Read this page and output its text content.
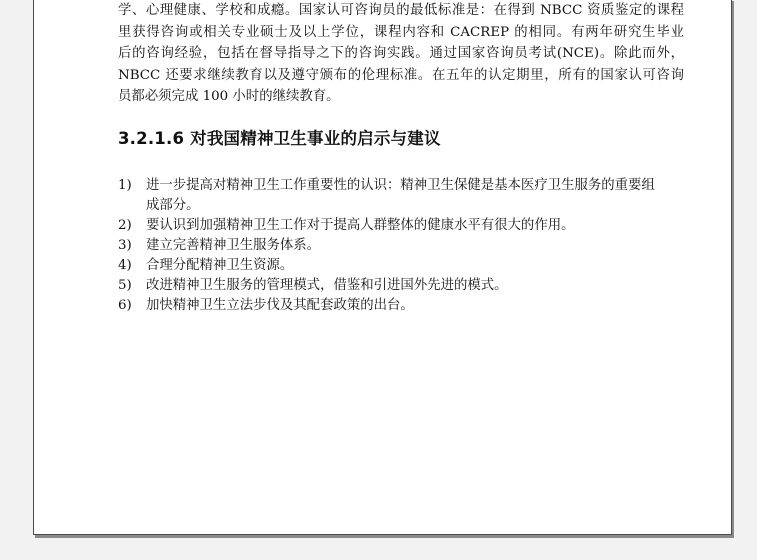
学、心理健康、学校和成瘾。国家认可咨询员的最低标准是：在得到 NBCC 资质鉴定的课程
里获得咨询或相关专业硕士及以上学位，课程内容和 CACREP 的相同。有两年研究生毕业
后的咨询经验，包括在督导指导之下的咨询实践。通过国家咨询员考试(NCE)。除此而外，
NBCC 还要求继续教育以及遵守颁布的伦理标准。在五年的认定期里，所有的国家认可咨询
员都必须完成 100 小时的继续教育。

3.2.1.6 对我国精神卫生事业的启示与建议
1) 进一步提高对精神卫生工作重要性的认识：精神卫生保健是基本医疗卫生服务的重要组
成部分。
2) 要认识到加强精神卫生工作对于提高人群整体的健康水平有很大的作用。
3) 建立完善精神卫生服务体系。
4) 合理分配精神卫生资源。
5) 改进精神卫生服务的管理模式，借鉴和引进国外先进的模式。
6) 加快精神卫生立法步伐及其配套政策的出台。
